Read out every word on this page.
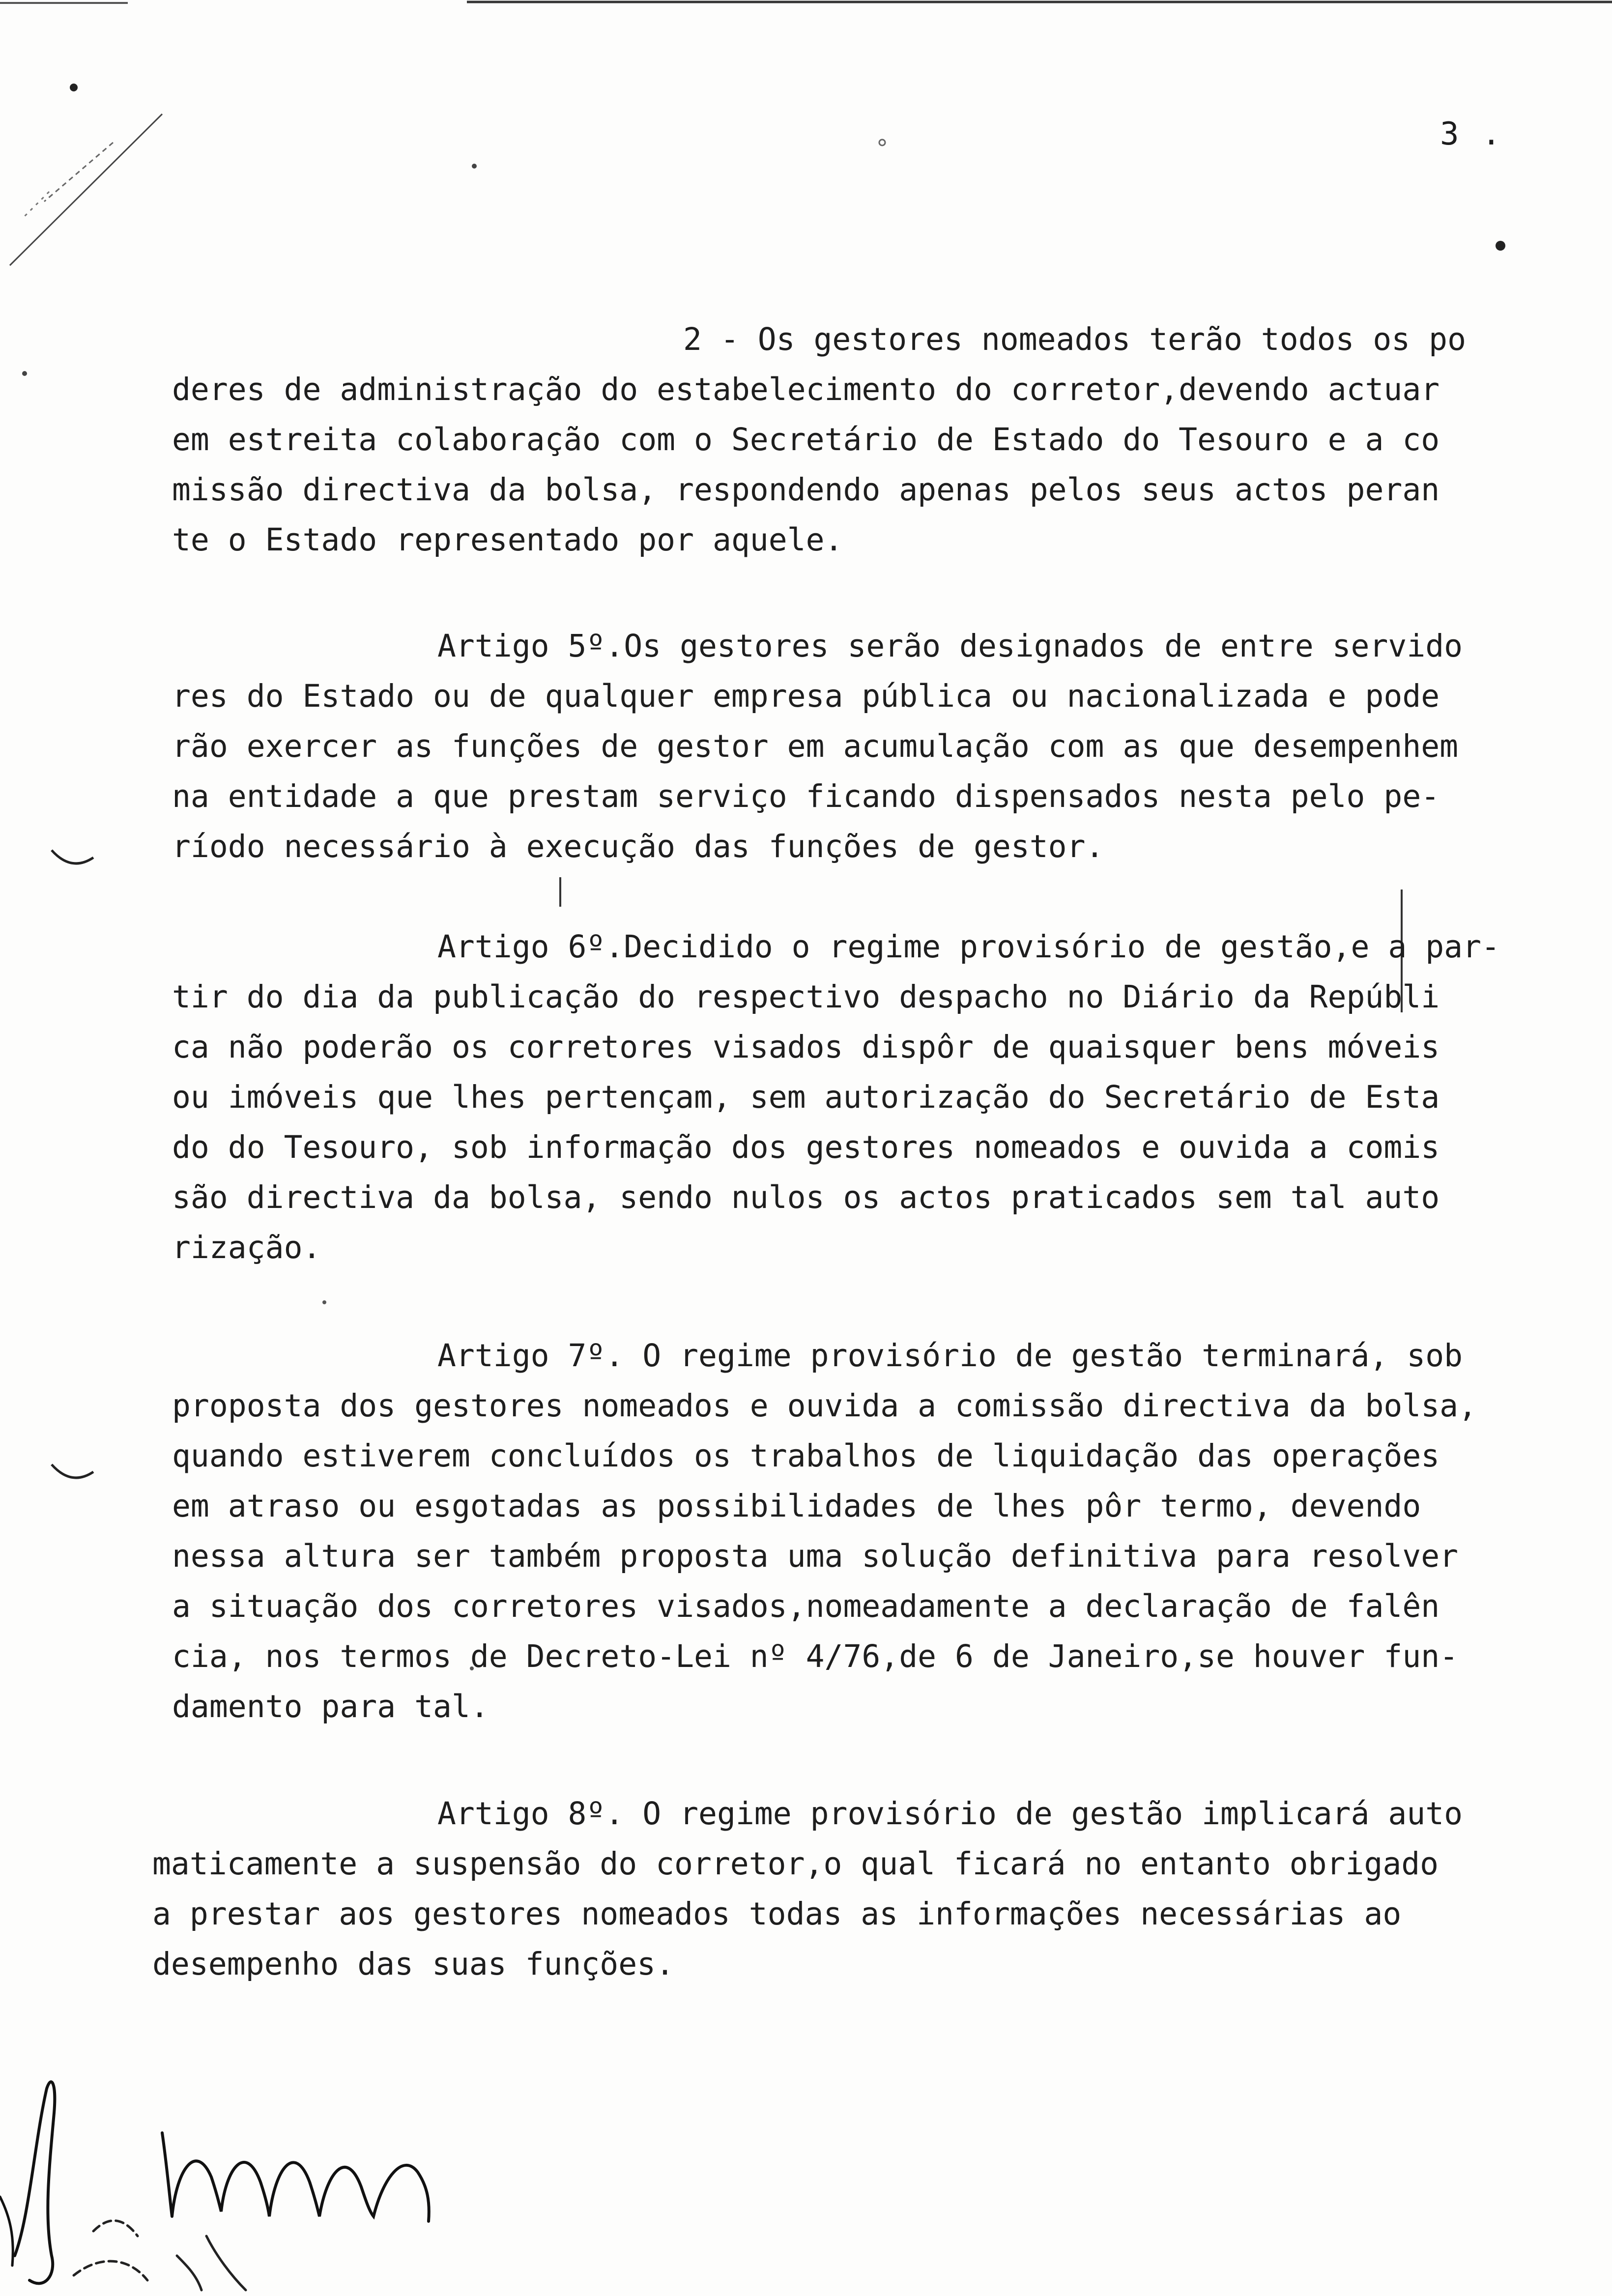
3 .
2 - Os gestores nomeados terão todos os po
deres de administração do estabelecimento do corretor,devendo actuar
em estreita colaboração com o Secretário de Estado do Tesouro e a co
missão directiva da bolsa, respondendo apenas pelos seus actos peran
te o Estado representado por aquele.
Artigo 5º.Os gestores serão designados de entre servido
res do Estado ou de qualquer empresa pública ou nacionalizada e pode
rão exercer as funções de gestor em acumulação com as que desempenhem
na entidade a que prestam serviço ficando dispensados nesta pelo pe-
ríodo necessário à execução das funções de gestor.
Artigo 6º.Decidido o regime provisório de gestão,e a par-
tir do dia da publicação do respectivo despacho no Diário da Repúbli
ca não poderão os corretores visados dispôr de quaisquer bens móveis
ou imóveis que lhes pertençam, sem autorização do Secretário de Esta
do do Tesouro, sob informação dos gestores nomeados e ouvida a comis
são directiva da bolsa, sendo nulos os actos praticados sem tal auto
rização.
Artigo 7º. O regime provisório de gestão terminará, sob
proposta dos gestores nomeados e ouvida a comissão directiva da bolsa,
quando estiverem concluídos os trabalhos de liquidação das operações
em atraso ou esgotadas as possibilidades de lhes pôr termo, devendo
nessa altura ser também proposta uma solução definitiva para resolver
a situação dos corretores visados,nomeadamente a declaração de falên
cia, nos termos de Decreto-Lei nº 4/76,de 6 de Janeiro,se houver fun-
damento para tal.
Artigo 8º. O regime provisório de gestão implicará auto
maticamente a suspensão do corretor,o qual ficará no entanto obrigado
a prestar aos gestores nomeados todas as informações necessárias ao
desempenho das suas funções.
